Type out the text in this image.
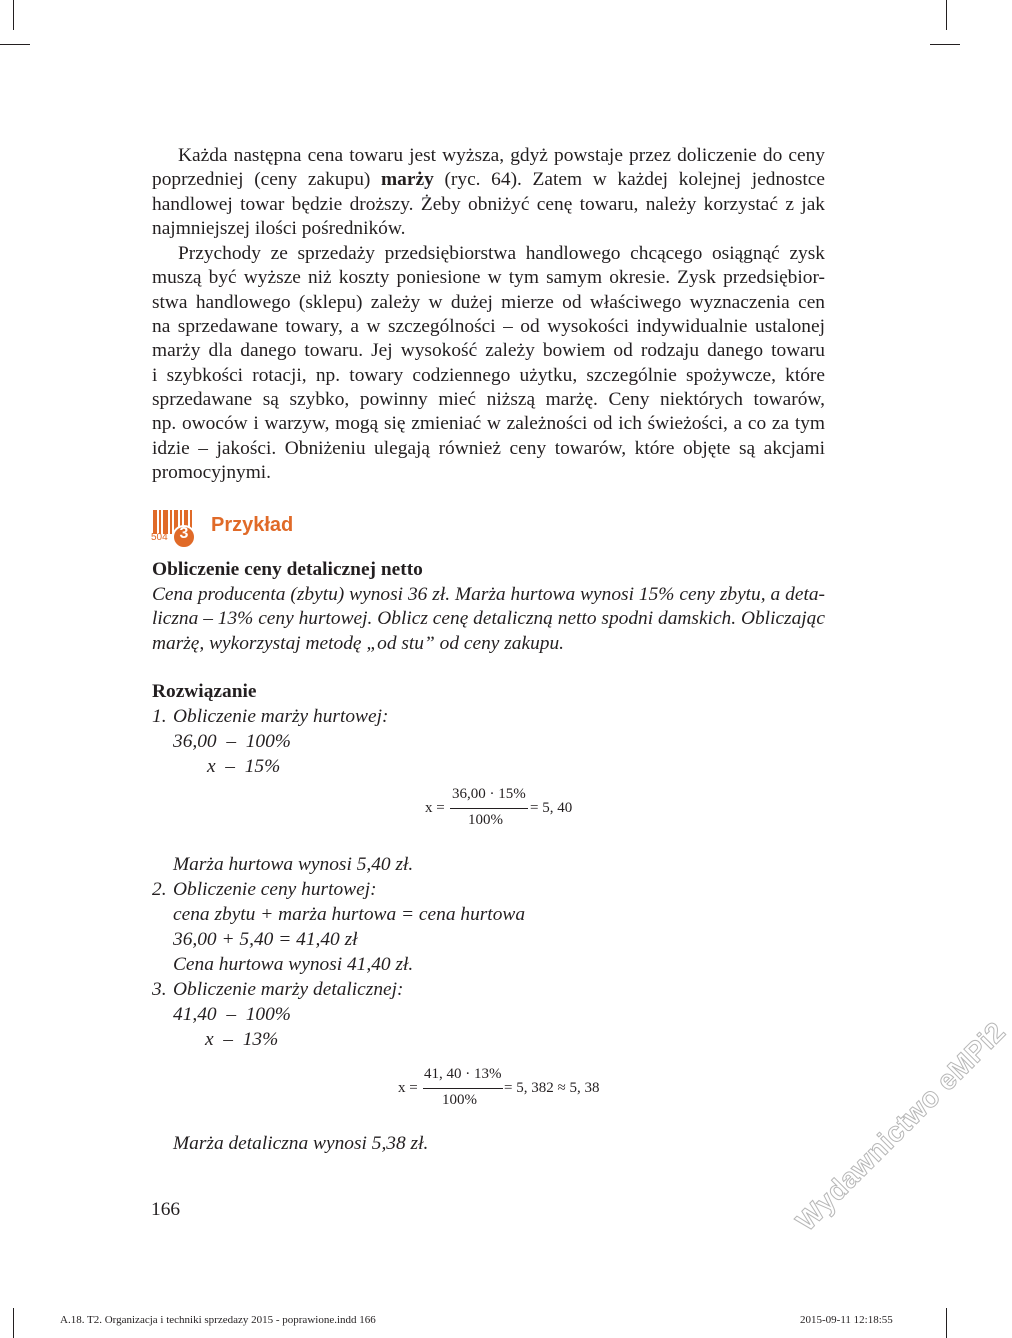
Każda następna cena towaru jest wyższa, gdyż powstaje przez doliczenie do ceny
poprzedniej (ceny zakupu) marży (ryc. 64). Zatem w każdej kolejnej jednostce
handlowej towar będzie droższy. Żeby obniżyć cenę towaru, należy korzystać z jak
najmniejszej ilości pośredników.
Przychody ze sprzedaży przedsiębiorstwa handlowego chcącego osiągnąć zysk
muszą być wyższe niż koszty poniesione w tym samym okresie. Zysk przedsiębior-
stwa handlowego (sklepu) zależy w dużej mierze od właściwego wyznaczenia cen
na sprzedawane towary, a w szczególności – od wysokości indywidualnie ustalonej
marży dla danego towaru. Jej wysokość zależy bowiem od rodzaju danego towaru
i szybkości rotacji, np. towary codziennego użytku, szczególnie spożywcze, które
sprzedawane są szybko, powinny mieć niższą marżę. Ceny niektórych towarów,
np. owoców i warzyw, mogą się zmieniać w zależności od ich świeżości, a co za tym
idzie – jakości. Obniżeniu ulegają również ceny towarów, które objęte są akcjami
promocyjnymi.
504 3 Przykład
Obliczenie ceny detalicznej netto
Cena producenta (zbytu) wynosi 36 zł. Marża hurtowa wynosi 15% ceny zbytu, a deta-
liczna – 13% ceny hurtowej. Oblicz cenę detaliczną netto spodni damskich. Obliczając
marżę, wykorzystaj metodę „od stu” od ceny zakupu.
Rozwiązanie
1. Obliczenie marży hurtowej:
36,00  –  100%
x  –  15%
x =
36,00 · 15%
100%
= 5, 40
Marża hurtowa wynosi 5,40 zł.
2. Obliczenie ceny hurtowej:
cena zbytu + marża hurtowa = cena hurtowa
36,00 + 5,40 = 41,40 zł
Cena hurtowa wynosi 41,40 zł.
3. Obliczenie marży detalicznej:
41,40  –  100%
x  –  13%
x =
41, 40 · 13%
100%
= 5, 382 ≈ 5, 38
Marża detaliczna wynosi 5,38 zł.
166	Wydawnictwo eMPi2
A.18. T2. Organizacja i techniki sprzedazy 2015 - poprawione.indd 166	2015-09-11 12:18:55
